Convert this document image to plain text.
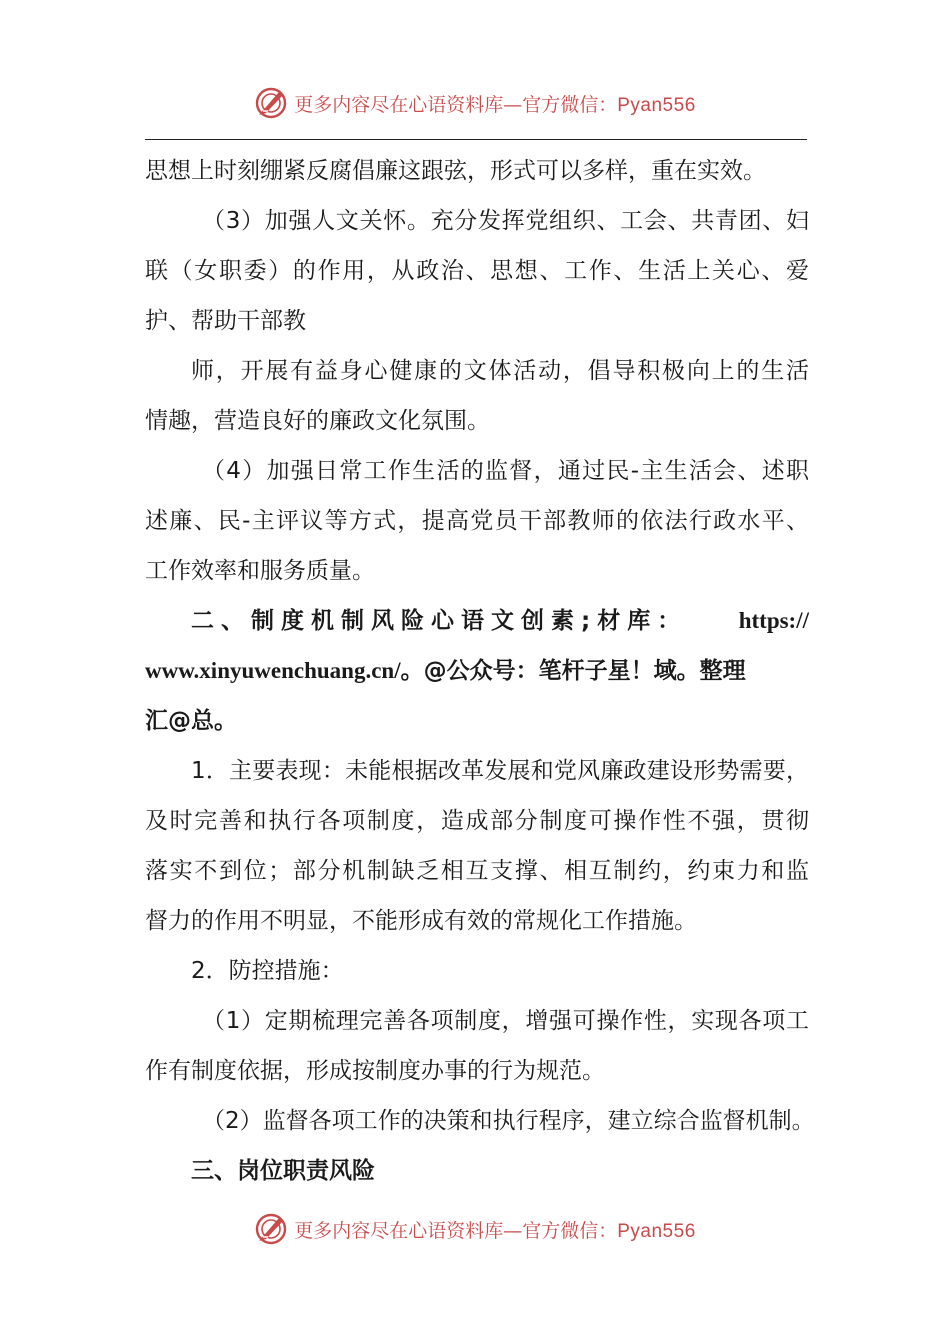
更多内容尽在心语资料库—官方微信：Pyan556

思想上时刻绷紧反腐倡廉这跟弦，形式可以多样，重在实效。

（3）加强人文关怀。充分发挥党组织、工会、共青团、妇

联（女职委）的作用，从政治、思想、工作、生活上关心、爱

护、帮助干部教

师，开展有益身心健康的文体活动，倡导积极向上的生活

情趣，营造良好的廉政文化氛围。

（4）加强日常工作生活的监督，通过民-主生活会、述职

述廉、民-主评议等方式，提高党员干部教师的依法行政水平、

工作效率和服务质量。

二、制度机制风险心语文创素;材库：	https://

www.xinyuwenchuang.cn/。@公众号：笔杆子星！域。整理

汇@总。

1．主要表现：未能根据改革发展和党风廉政建设形势需要，

及时完善和执行各项制度，造成部分制度可操作性不强，贯彻

落实不到位；部分机制缺乏相互支撑、相互制约，约束力和监

督力的作用不明显，不能形成有效的常规化工作措施。

2．防控措施：

（1）定期梳理完善各项制度，增强可操作性，实现各项工

作有制度依据，形成按制度办事的行为规范。

（2）监督各项工作的决策和执行程序，建立综合监督机制。

三、岗位职责风险

更多内容尽在心语资料库—官方微信：Pyan556
